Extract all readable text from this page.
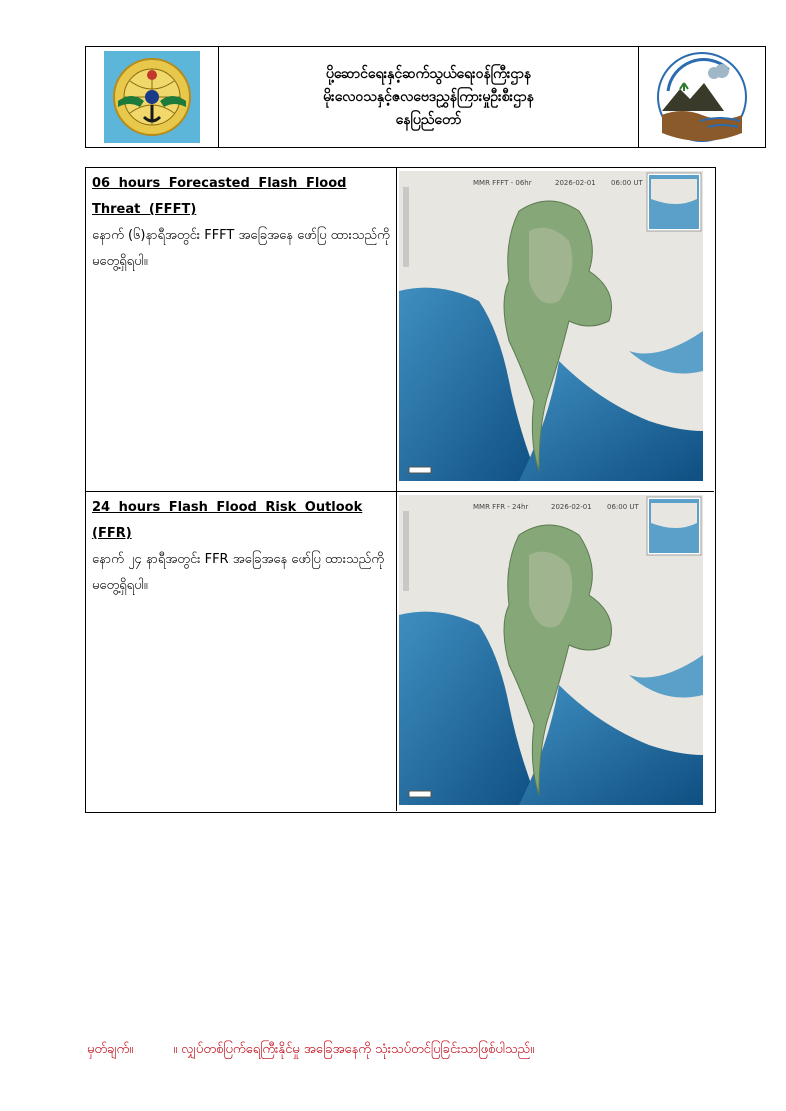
ပို့ဆောင်ရေးနှင့်ဆက်သွယ်ရေးဝန်ကြီးဌာန
မိုးလေဝသနှင့်ဇလဗေဒညွှန်ကြားမှုဦးစီးဌာန
နေပြည်တော်
06 hours Forecasted Flash Flood Threat (FFFT)
နောက် (၆)နာရီအတွင်း FFFT အခြေအနေ ဖော်ပြ ထားသည်ကို မတွေ့ရှိရပါ။
MMR FFFT - 06hr	2026-02-01 06:00 UT
24 hours Flash Flood Risk Outlook (FFR)
နောက် ၂၄ နာရီအတွင်း FFR အခြေအနေ ဖော်ပြ ထားသည်ကို မတွေ့ရှိရပါ။
MMR FFR - 24hr	2026-02-01 06:00 UT
မှတ်ချက်။	။ လျှပ်တစ်ပြက်ရေကြီးနိုင်မှု အခြေအနေကို သုံးသပ်တင်ပြခြင်းသာဖြစ်ပါသည်။
